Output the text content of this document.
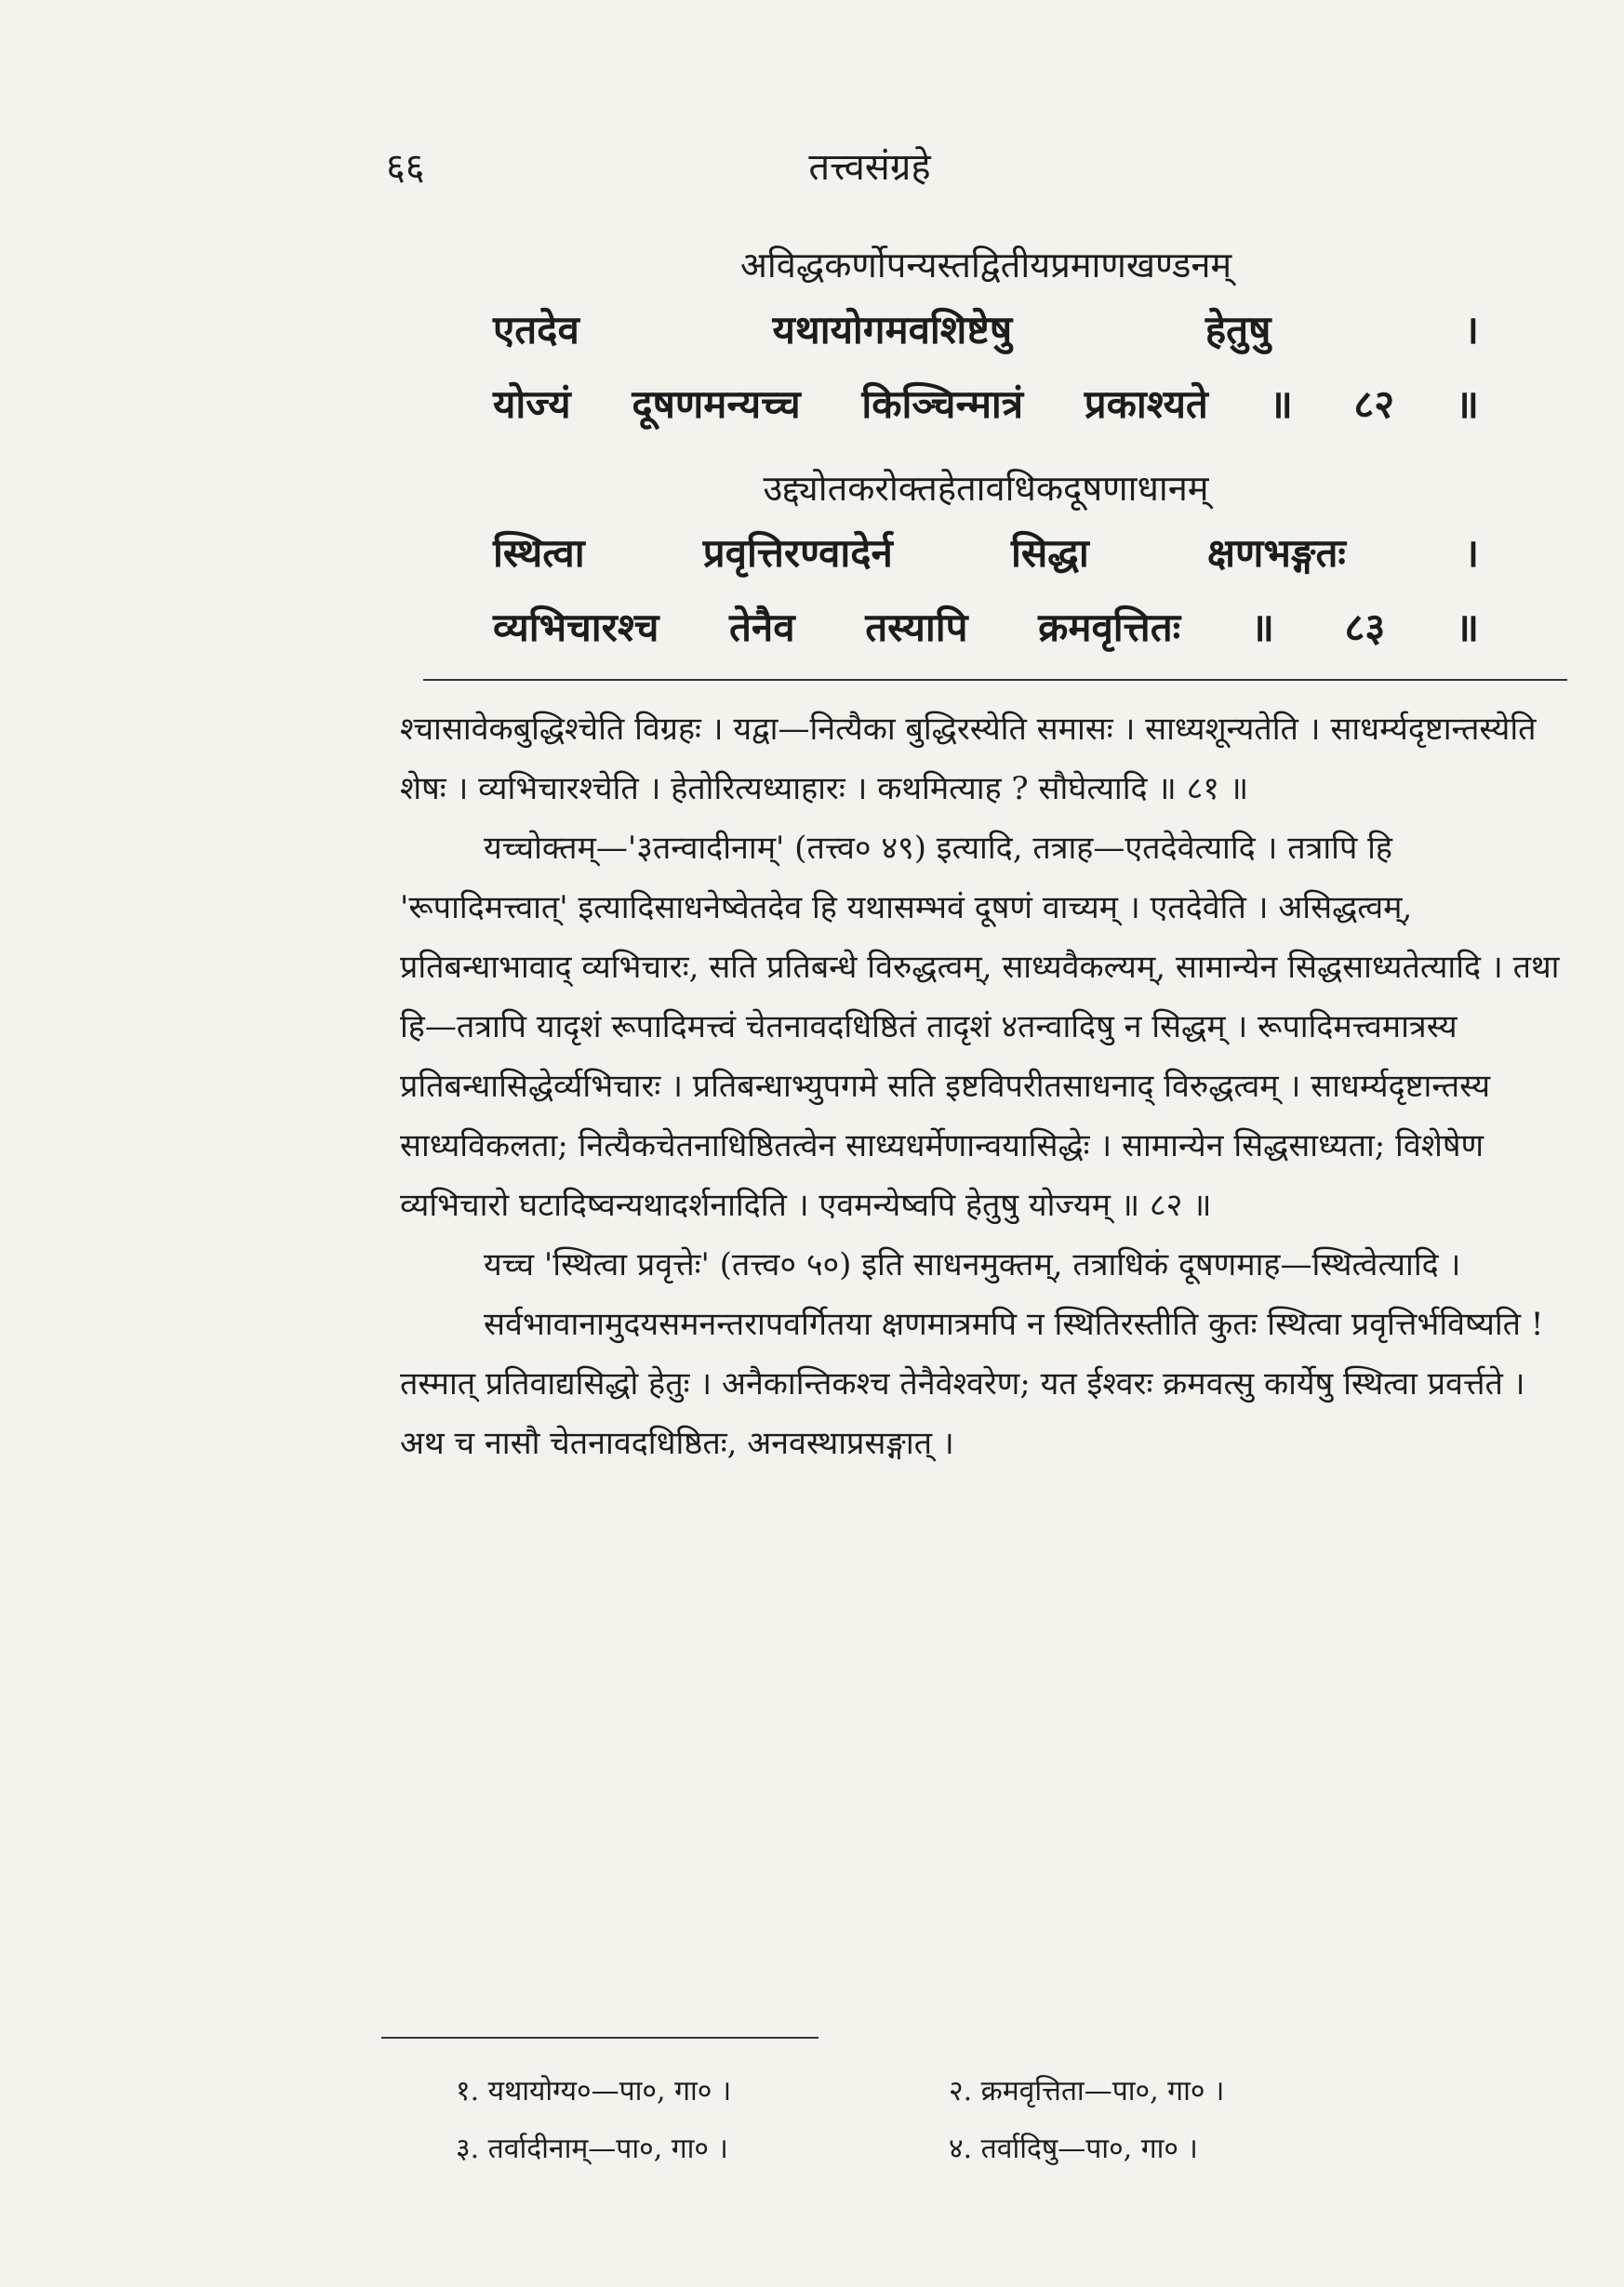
६६	तत्त्वसंग्रहे
अविद्धकर्णोपन्यस्तद्वितीयप्रमाणखण्डनम्
एतदेव	यथायोगमवशिष्टेषु	हेतुषु	।
योज्यं दूषणमन्यच्च किञ्चिन्मात्रं प्रकाश्यते ॥ ८२ ॥
उद्द्योतकरोक्तहेतावधिकदूषणाधानम्
स्थित्वा	प्रवृत्तिरण्वादेर्न	सिद्धा	क्षणभङ्गतः	।
व्यभिचारश्च तेनैव तस्यापि क्रमवृत्तितः ॥ ८३ ॥

श्चासावेकबुद्धिश्चेति विग्रहः । यद्वा—नित्यैका बुद्धिरस्येति समासः । साध्यशून्यतेति । साधर्म्यदृष्टान्तस्येति शेषः । व्यभिचारश्चेति । हेतोरित्यध्याहारः । कथमित्याह ? सौघेत्यादि ॥ ८१ ॥

यच्चोक्तम्—'३तन्वादीनाम्' (तत्त्व० ४९) इत्यादि, तत्राह—एतदेवेत्यादि । तत्रापि हि 'रूपादिमत्त्वात्' इत्यादिसाधनेष्वेतदेव हि यथासम्भवं दूषणं वाच्यम् । एतदेवेति । असिद्धत्वम्, प्रतिबन्धाभावाद् व्यभिचारः, सति प्रतिबन्धे विरुद्धत्वम्, साध्यवैकल्यम्, सामान्येन सिद्धसाध्यतेत्यादि । तथा हि—तत्रापि यादृशं रूपादिमत्त्वं चेतनावदधिष्ठितं तादृशं ४तन्वादिषु न सिद्धम् । रूपादिमत्त्वमात्रस्य प्रतिबन्धासिद्धेर्व्यभिचारः । प्रतिबन्धाभ्युपगमे सति इष्टविपरीतसाधनाद् विरुद्धत्वम् । साधर्म्यदृष्टान्तस्य साध्यविकलता; नित्यैकचेतनाधिष्ठितत्वेन साध्यधर्मेणान्वयासिद्धेः । सामान्येन सिद्धसाध्यता; विशेषेण व्यभिचारो घटादिष्वन्यथादर्शनादिति । एवमन्येष्वपि हेतुषु योज्यम् ॥ ८२ ॥

यच्च 'स्थित्वा प्रवृत्तेः' (तत्त्व० ५०) इति साधनमुक्तम्, तत्राधिकं दूषणमाह—स्थित्वेत्यादि ।

सर्वभावानामुदयसमनन्तरापवर्गितया क्षणमात्रमपि न स्थितिरस्तीति कुतः स्थित्वा प्रवृत्तिर्भविष्यति ! तस्मात् प्रतिवाद्यसिद्धो हेतुः । अनैकान्तिकश्च तेनैवेश्वरेण; यत ईश्वरः क्रमवत्सु कार्येषु स्थित्वा प्रवर्त्तते । अथ च नासौ चेतनावदधिष्ठितः, अनवस्थाप्रसङ्गात् ।

१. यथायोग्य०—पा०, गा० ।	२. क्रमवृत्तिता—पा०, गा० ।
३. तर्वादीनाम्—पा०, गा० ।	४. तर्वादिषु—पा०, गा० ।
